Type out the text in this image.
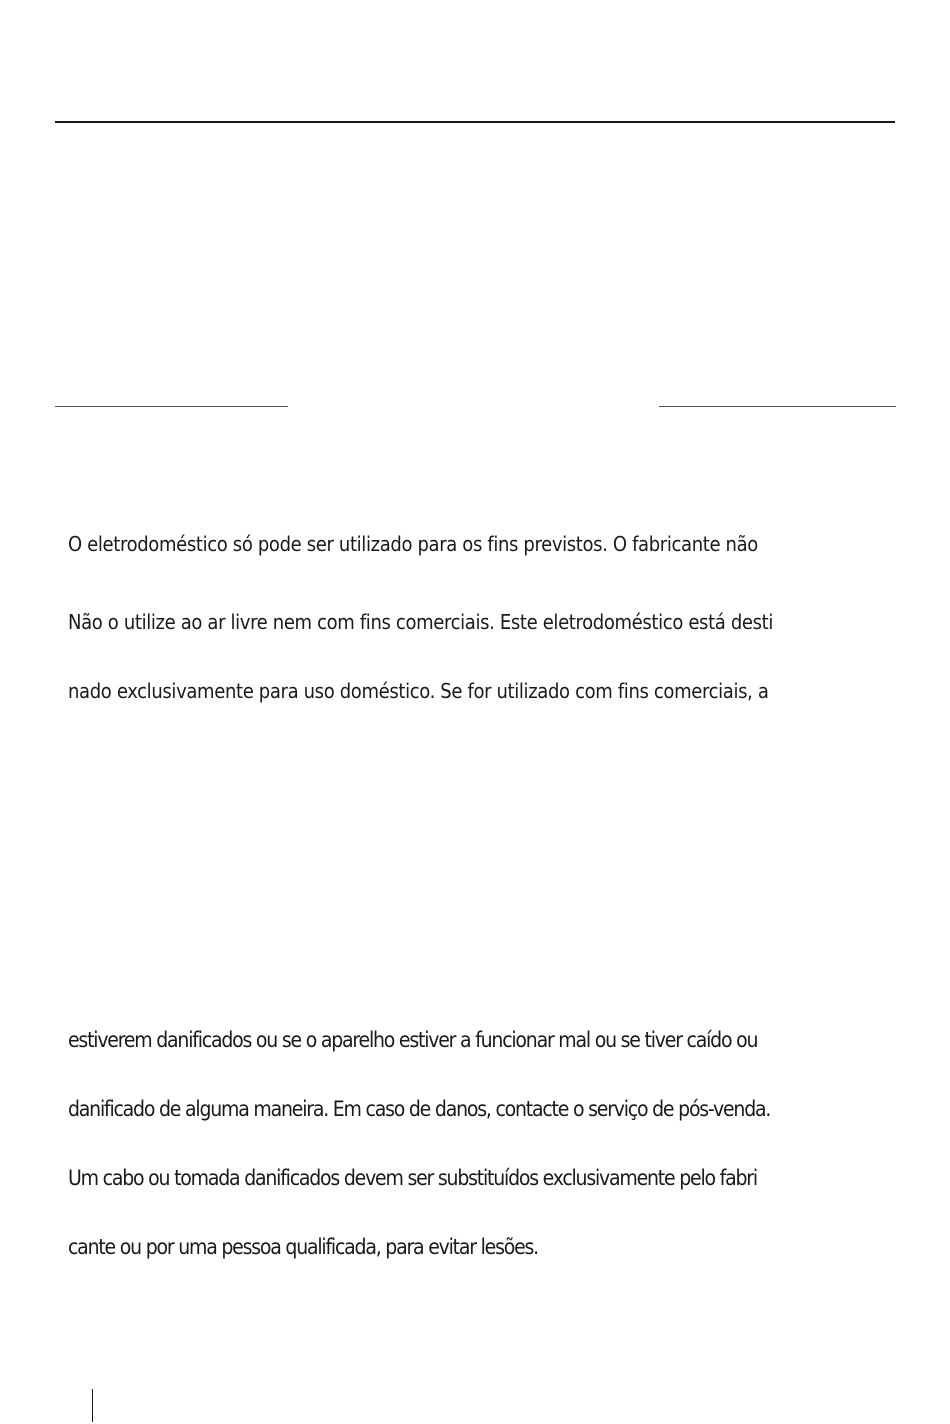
O eletrodoméstico só pode ser utilizado para os fins previstos. O fabricante não

Não o utilize ao ar livre nem com fins comerciais. Este eletrodoméstico está desti

nado exclusivamente para uso doméstico. Se for utilizado com fins comerciais, a

estiverem danificados ou se o aparelho estiver a funcionar mal ou se tiver caído ou

danificado de alguma maneira. Em caso de danos, contacte o serviço de pós-venda.

Um cabo ou tomada danificados devem ser substituídos exclusivamente pelo fabri

cante ou por uma pessoa qualificada, para evitar lesões.
